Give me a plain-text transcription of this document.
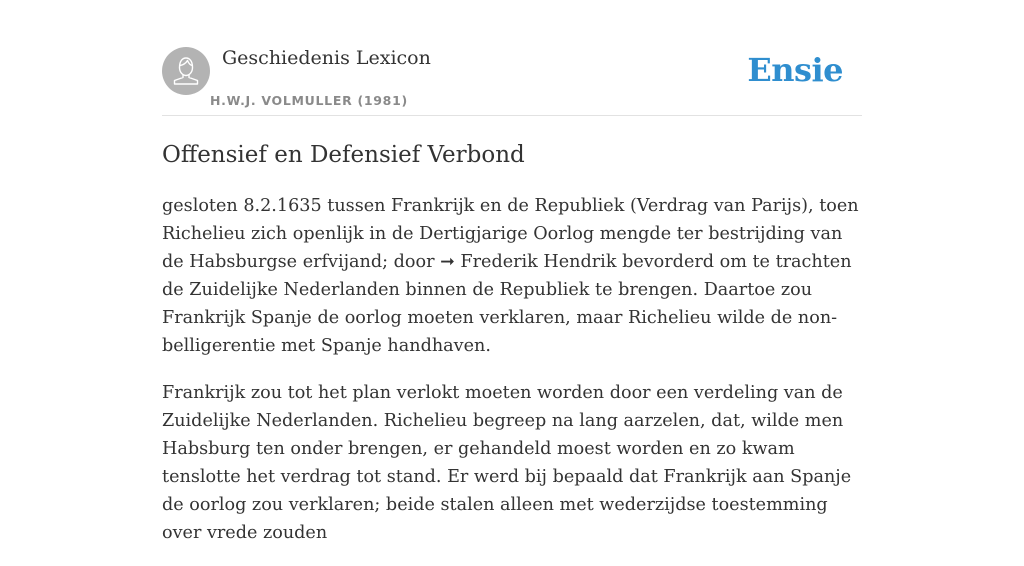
Geschiedenis Lexicon
H.W.J. VOLMULLER (1981)
Ensie
Offensief en Defensief Verbond

gesloten 8.2.1635 tussen Frankrijk en de Republiek (Verdrag van Parijs), toen Richelieu zich openlijk in de Dertigjarige Oorlog mengde ter bestrijding van de Habsburgse erfvijand; door ➞ Frederik Hendrik bevorderd om te trachten de Zuidelijke Nederlanden binnen de Republiek te brengen. Daartoe zou Frankrijk Spanje de oorlog moeten verklaren, maar Richelieu wilde de non-belligerentie met Spanje handhaven.

Frankrijk zou tot het plan verlokt moeten worden door een verdeling van de Zuidelijke Nederlanden. Richelieu begreep na lang aarzelen, dat, wilde men Habsburg ten onder brengen, er gehandeld moest worden en zo kwam tenslotte het verdrag tot stand. Er werd bij bepaald dat Frankrijk aan Spanje de oorlog zou verklaren; beide stalen alleen met wederzijdse toestemming over vrede zouden
